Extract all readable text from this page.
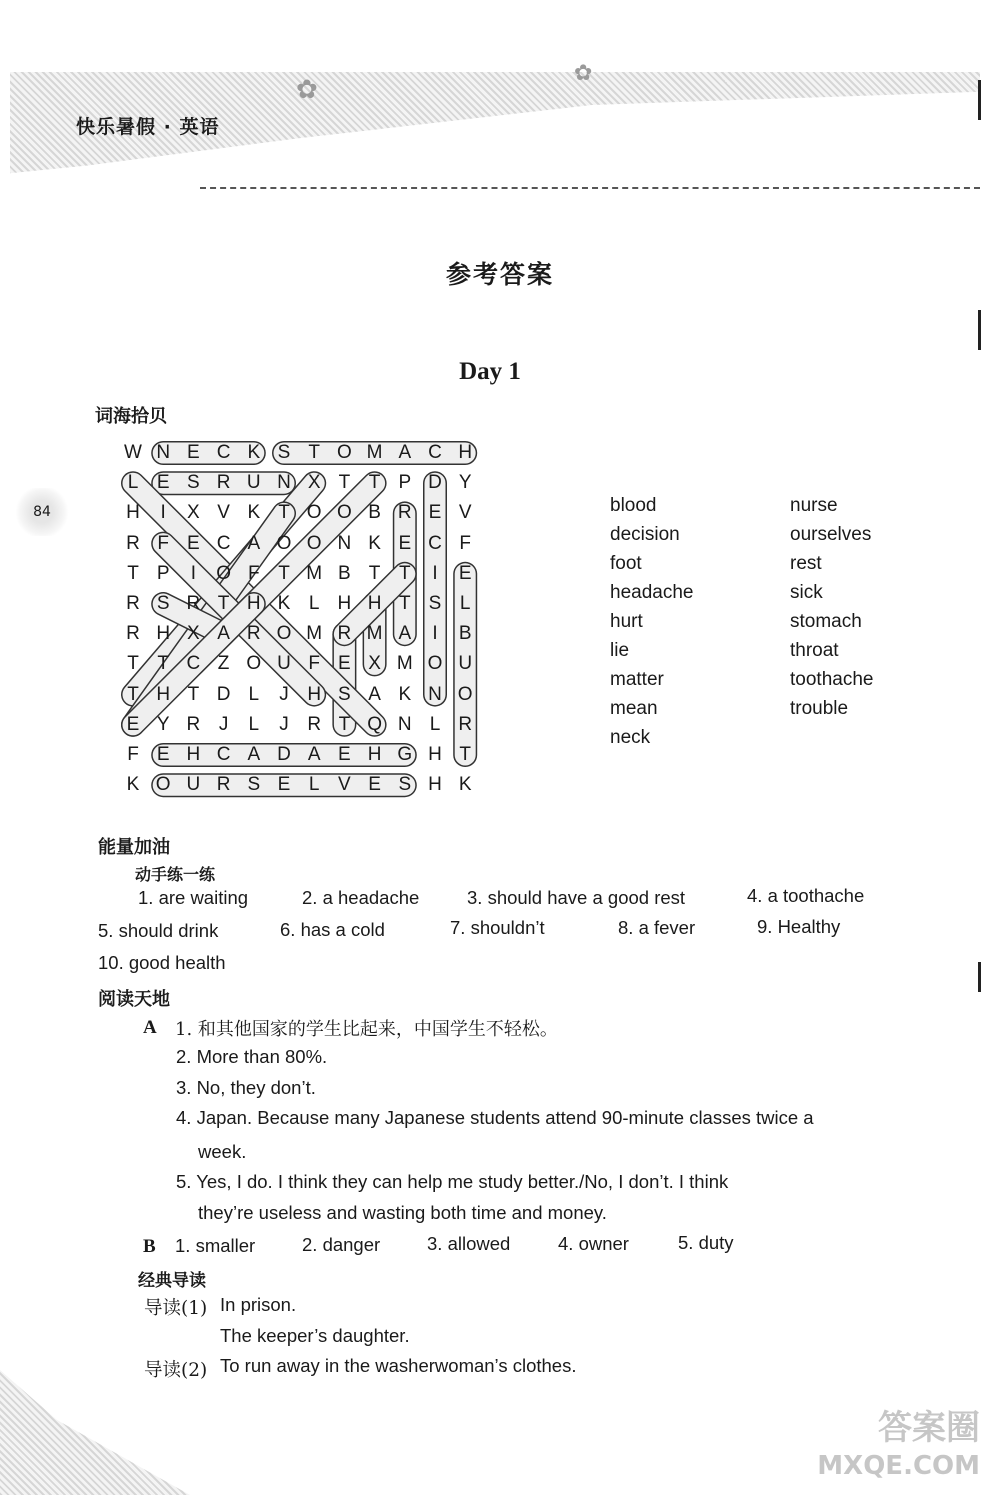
✿
✿
快乐暑假 · 英语
84
参考答案
Day 1
词海拾贝
W N E C K S T O M A C H
L E S R U N X T T P D Y
H	I	X V K T O O B R E V
R F E C A O O N K E C F
T P	I	O F T M B T T	I	E
R S R T H K L H H T S L
R H X A R O M R M A	I	B
T T C Z O U F E X M O U
T H T D L	J H S A K N O
E Y R J	L	J R T Q N L R
F E H C A D A E H G H T
K O U R S E L V E S H K
blood
decision
foot
headache
hurt
lie
matter
mean
neck
nurse
ourselves
rest
sick
stomach
throat
toothache
trouble
能量加油
动手练一练
1. are waiting	2. a headache	3. should have a good rest	4. a toothache
5. should drink	6. has a cold	7. shouldn’t	8. a fever	9. Healthy
10. good health
阅读天地
A 1. 和其他国家的学生比起来，中国学生不轻松。
2. More than 80%.
3. No, they don’t.
4. Japan. Because many Japanese students attend 90-minute classes twice a
week.
5. Yes, I do. I think they can help me study better./No, I don’t. I think
they’re useless and wasting both time and money.
B 1. smaller	2. danger	3. allowed	4. owner	5. duty
经典导读
导读(1) In prison.
The keeper’s daughter.
导读(2) To run away in the washerwoman’s clothes.
答案圈
MXQE.COM
